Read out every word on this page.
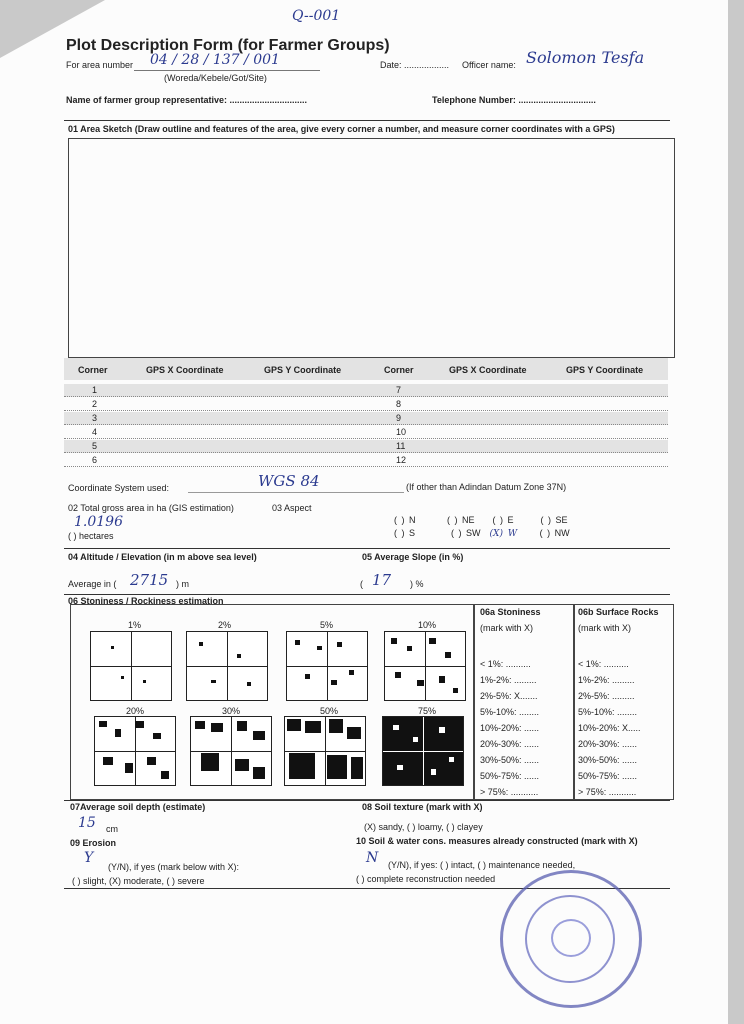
Q--001
Plot Description Form (for Farmer Groups)
For area number 04 / 28 / 137 / 001
(Woreda/Kebele/Got/Site)
Date: .................. Officer name: Solomon Tesfa
Name of farmer group representative: ...............................	Telephone Number: ...............................
01 Area Sketch (Draw outline and features of the area, give every corner a number, and measure corner coordinates with a GPS)
Corner	GPS X Coordinate	GPS Y Coordinate	Corner	GPS X Coordinate	GPS Y Coordinate
1	7
2	8
3	9
4	10
5	11
6	12
Coordinate System used:	WGS 84	(If other than Adindan Datum Zone 37N)
02 Total gross area in ha (GIS estimation)
1.0196
( ) hectares
03 Aspect
( ) N	( ) NE ( ) E	( ) SE
( ) S	( ) SW (X) W	( ) NW
04 Altitude / Elevation (in m above sea level)
Average in ( 2715 ) m
05 Average Slope (in %)
( 17 ) %
06 Stoniness / Rockiness estimation
1%	2%	5%	10%
20%	30%	50%	75%
06a Stoniness
(mark with X)
06b Surface Rocks
(mark with X)
< 1%: ..........
1%-2%: .........
2%-5%: X.......
5%-10%: ........
10%-20%: ......
20%-30%: ......
30%-50%: ......
50%-75%: ......
> 75%: ...........
< 1%: ..........
1%-2%: .........
2%-5%: .........
5%-10%: ........
10%-20%: X.....
20%-30%: ......
30%-50%: ......
50%-75%: ......
> 75%: ...........
07Average soil depth (estimate)
15 cm
08 Soil texture (mark with X)
(X) sandy, ( ) loamy, ( ) clayey
09 Erosion
Y
(Y/N), if yes (mark below with X):
( ) slight, (X) moderate, ( ) severe
10 Soil & water cons. measures already constructed (mark with X)
N (Y/N), if yes: ( ) intact, ( ) maintenance needed,
( ) complete reconstruction needed
